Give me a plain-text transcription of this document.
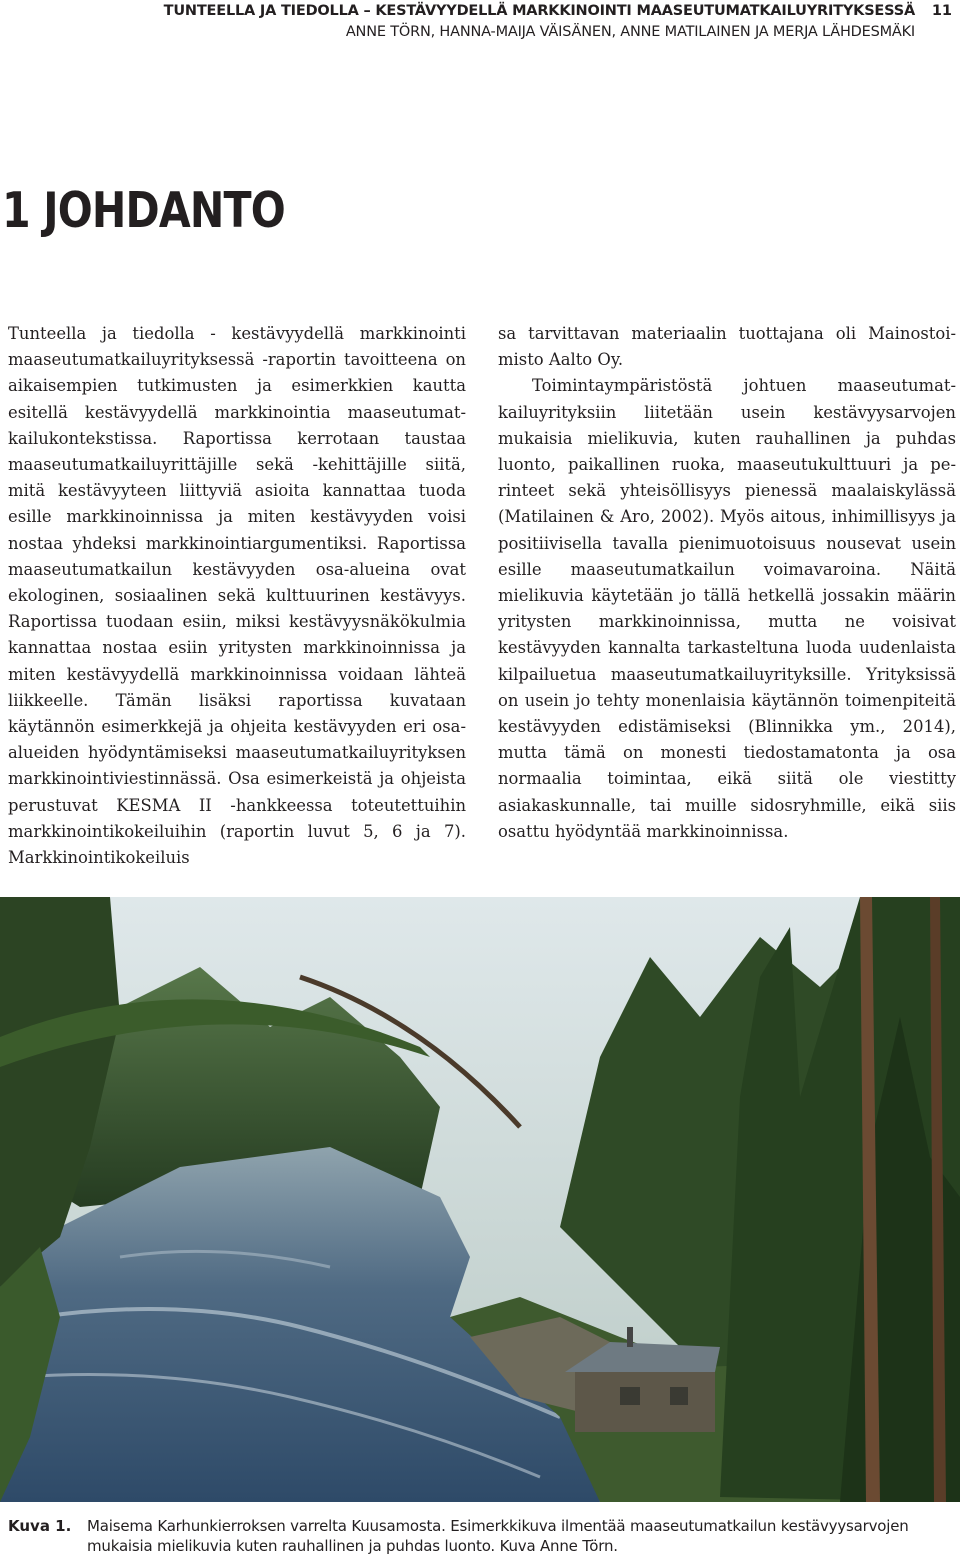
TUNTEELLA JA TIEDOLLA – KESTÄVYYDELLÄ MARKKINOINTI MAASEUTUMATKAILUYRITYKSESSÄ
ANNE TÖRN, HANNA-MAIJA VÄISÄNEN, ANNE MATILAINEN JA MERJA LÄHDESMÄKI
11
1 JOHDANTO

Tunteella ja tiedolla - kestävyydellä markkinointi maaseutumatkailuyrityksessä -raportin tavoitteena on aikaisempien tutkimusten ja esimerkkien kautta esitellä kestävyydellä markkinointia maaseutumatkailukontekstissa. Raportissa kerrotaan taustaa maaseutumatkailuyrittäjille sekä -kehittäjille siitä, mitä kestävyyteen liittyviä asioita kannattaa tuoda esille markkinoinnissa ja miten kestävyyden voisi nostaa yhdeksi markkinointiargumentiksi. Raportissa maaseutumatkailun kestävyyden osa-alueina ovat ekologinen, sosiaalinen sekä kulttuurinen kestävyys. Raportissa tuodaan esiin, miksi kestävyysnäkökulmia kannattaa nostaa esiin yritysten markkinoinnissa ja miten kestävyydellä markkinoinnissa voidaan lähteä liikkeelle. Tämän lisäksi raportissa kuvataan käytännön esimerkkejä ja ohjeita kestävyyden eri osa-alueiden hyödyntämiseksi maaseutumatkailuyrityksen markkinointiviestinnässä. Osa esimerkeistä ja ohjeista perustuvat KESMA II -hankkeessa toteutettuihin markkinointikokeiluihin (raportin luvut 5, 6 ja 7). Markkinointikokeiluis

sa tarvittavan materiaalin tuottajana oli Mainostoimisto Aalto Oy.

Toimintaympäristöstä johtuen maaseutumatkailuyrityksiin liitetään usein kestävyysarvojen mukaisia mielikuvia, kuten rauhallinen ja puhdas luonto, paikallinen ruoka, maaseutukulttuuri ja perinteet sekä yhteisöllisyys pienessä maalaiskylässä (Matilainen & Aro, 2002). Myös aitous, inhimillisyys ja positiivisella tavalla pienimuotoisuus nousevat usein esille maaseutumatkailun voimavaroina. Näitä mielikuvia käytetään jo tällä hetkellä jossakin määrin yritysten markkinoinnissa, mutta ne voisivat kestävyyden kannalta tarkasteltuna luoda uudenlaista kilpailuetua maaseutumatkailuyrityksille. Yrityksissä on usein jo tehty monenlaisia käytännön toimenpiteitä kestävyyden edistämiseksi (Blinnikka ym., 2014), mutta tämä on monesti tiedostamatonta ja osa normaalia toimintaa, eikä siitä ole viestitty asiakaskunnalle, tai muille sidosryhmille, eikä siis osattu hyödyntää markkinoinnissa.

Kuva 1. Maisema Karhunkierroksen varrelta Kuusamosta. Esimerkkikuva ilmentää maaseutumatkailun kestävyysarvojen mukaisia mielikuvia kuten rauhallinen ja puhdas luonto. Kuva Anne Törn.
